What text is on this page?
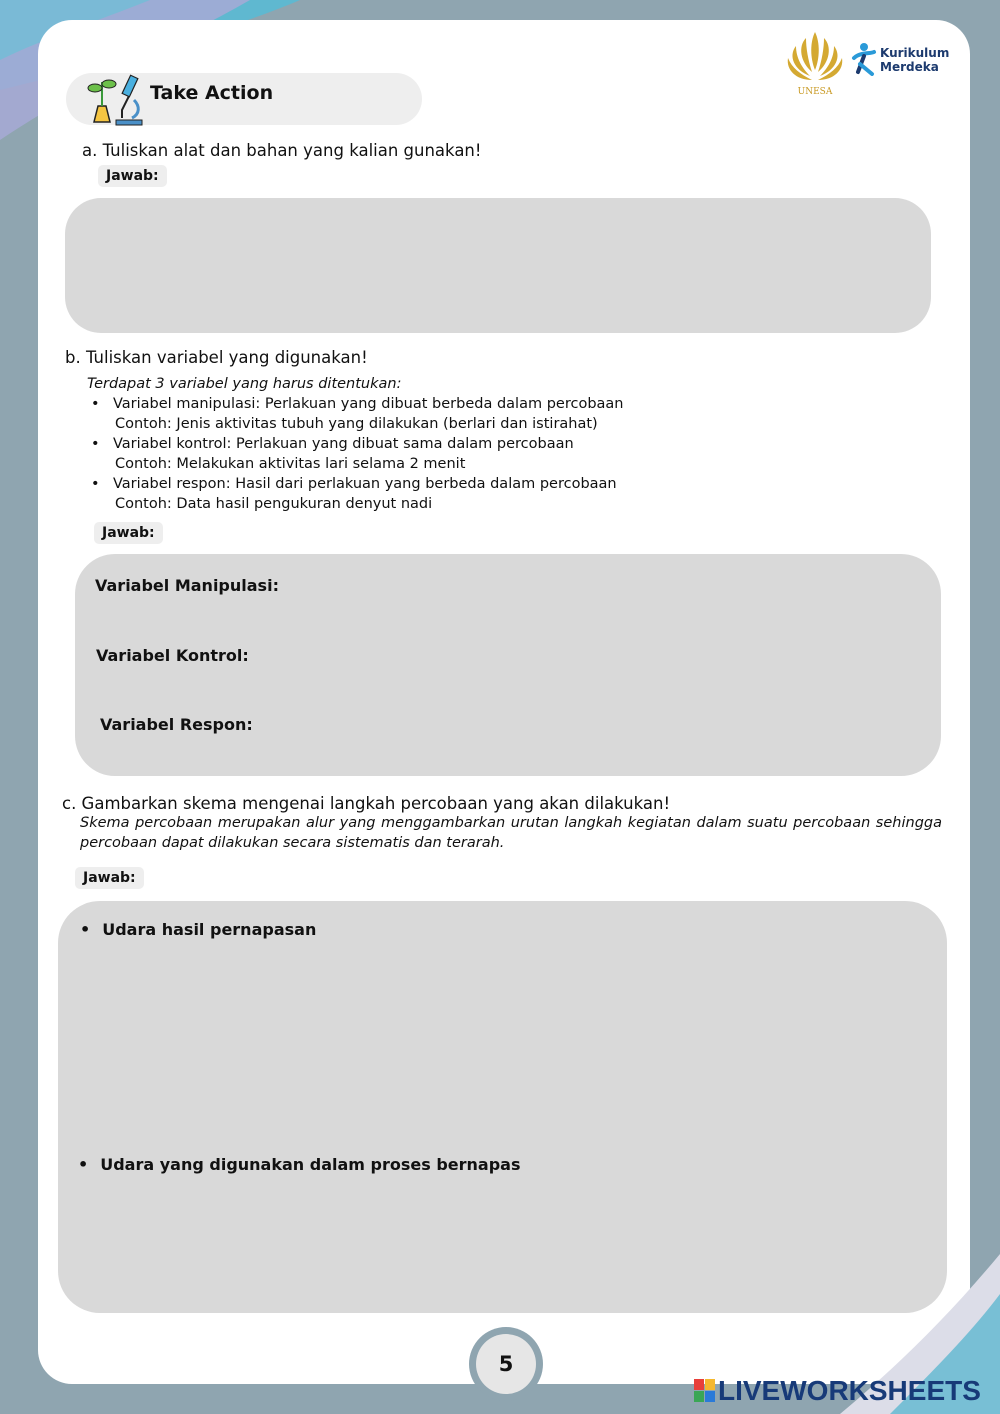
Take Action	UNESA
Kurikulum
Merdeka
a. Tuliskan alat dan bahan yang kalian gunakan!
Jawab:
b. Tuliskan variabel yang digunakan!
Terdapat 3 variabel yang harus ditentukan:
• Variabel manipulasi: Perlakuan yang dibuat berbeda dalam percobaan
Contoh: Jenis aktivitas tubuh yang dilakukan (berlari dan istirahat)
• Variabel kontrol: Perlakuan yang dibuat sama dalam percobaan
Contoh: Melakukan aktivitas lari selama 2 menit
• Variabel respon: Hasil dari perlakuan yang berbeda dalam percobaan
Contoh: Data hasil pengukuran denyut nadi
Jawab:
Variabel Manipulasi:
Variabel Kontrol:
Variabel Respon:
c. Gambarkan skema mengenai langkah percobaan yang akan dilakukan!
Skema percobaan merupakan alur yang menggambarkan urutan langkah kegiatan dalam suatu percobaan sehingga percobaan dapat dilakukan secara sistematis dan terarah.
Jawab:
• Udara hasil pernapasan
• Udara yang digunakan dalam proses bernapas
5
LIVEWORKSHEETS
